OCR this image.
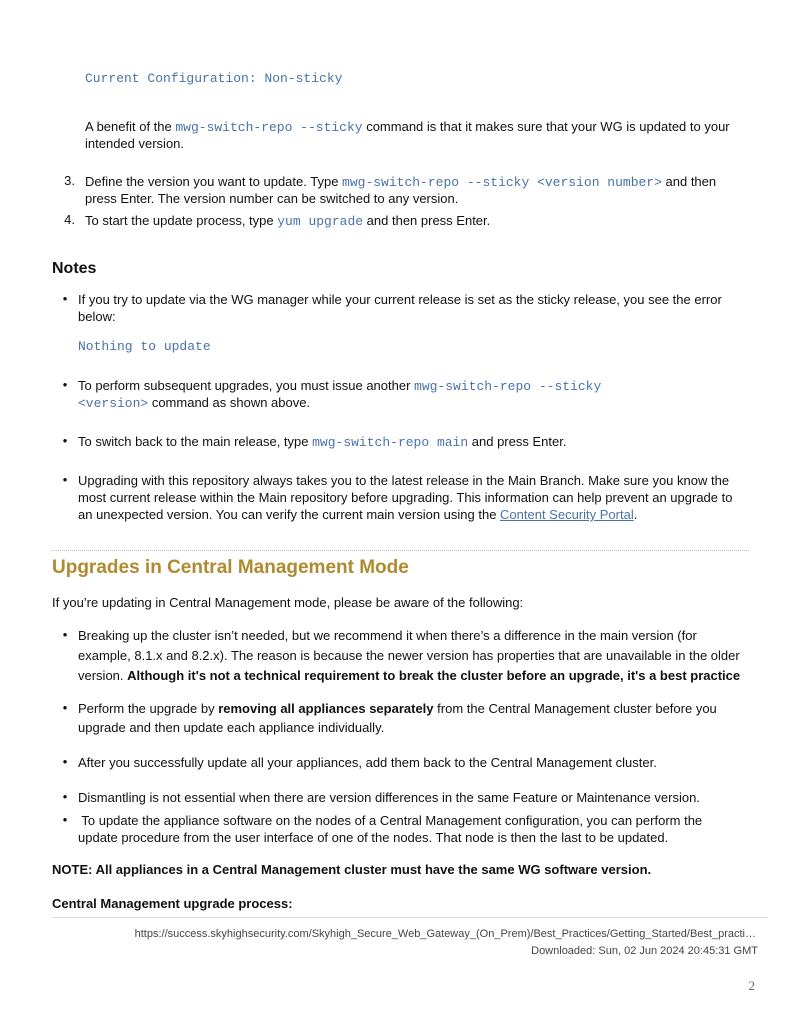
Current Configuration: Non-sticky
A benefit of the mwg-switch-repo --sticky command is that it makes sure that your WG is updated to your
intended version.
3. Define the version you want to update. Type mwg-switch-repo --sticky <version number> and then
press Enter. The version number can be switched to any version.
4. To start the update process, type yum upgrade and then press Enter.
Notes
• If you try to update via the WG manager while your current release is set as the sticky release, you see the error
below:
Nothing to update
• To perform subsequent upgrades, you must issue another mwg-switch-repo --sticky
<version> command as shown above.
• To switch back to the main release, type mwg-switch-repo main and press Enter.
• Upgrading with this repository always takes you to the latest release in the Main Branch. Make sure you know the
most current release within the Main repository before upgrading. This information can help prevent an upgrade to
an unexpected version. You can verify the current main version using the Content Security Portal.
Upgrades in Central Management Mode
If you’re updating in Central Management mode, please be aware of the following:
• Breaking up the cluster isn’t needed, but we recommend it when there’s a difference in the main version (for
example, 8.1.x and 8.2.x). The reason is because the newer version has properties that are unavailable in the older
version. Although it's not a technical requirement to break the cluster before an upgrade, it's a best practice
• Perform the upgrade by removing all appliances separately from the Central Management cluster before you
upgrade and then update each appliance individually.
• After you successfully update all your appliances, add them back to the Central Management cluster.
• Dismantling is not essential when there are version differences in the same Feature or Maintenance version.
• To update the appliance software on the nodes of a Central Management configuration, you can perform the
update procedure from the user interface of one of the nodes. That node is then the last to be updated.
NOTE: All appliances in a Central Management cluster must have the same WG software version.
Central Management upgrade process:
https://success.skyhighsecurity.com/Skyhigh_Secure_Web_Gateway_(On_Prem)/Best_Practices/Getting_Started/Best_practi…
Downloaded: Sun, 02 Jun 2024 20:45:31 GMT
2
